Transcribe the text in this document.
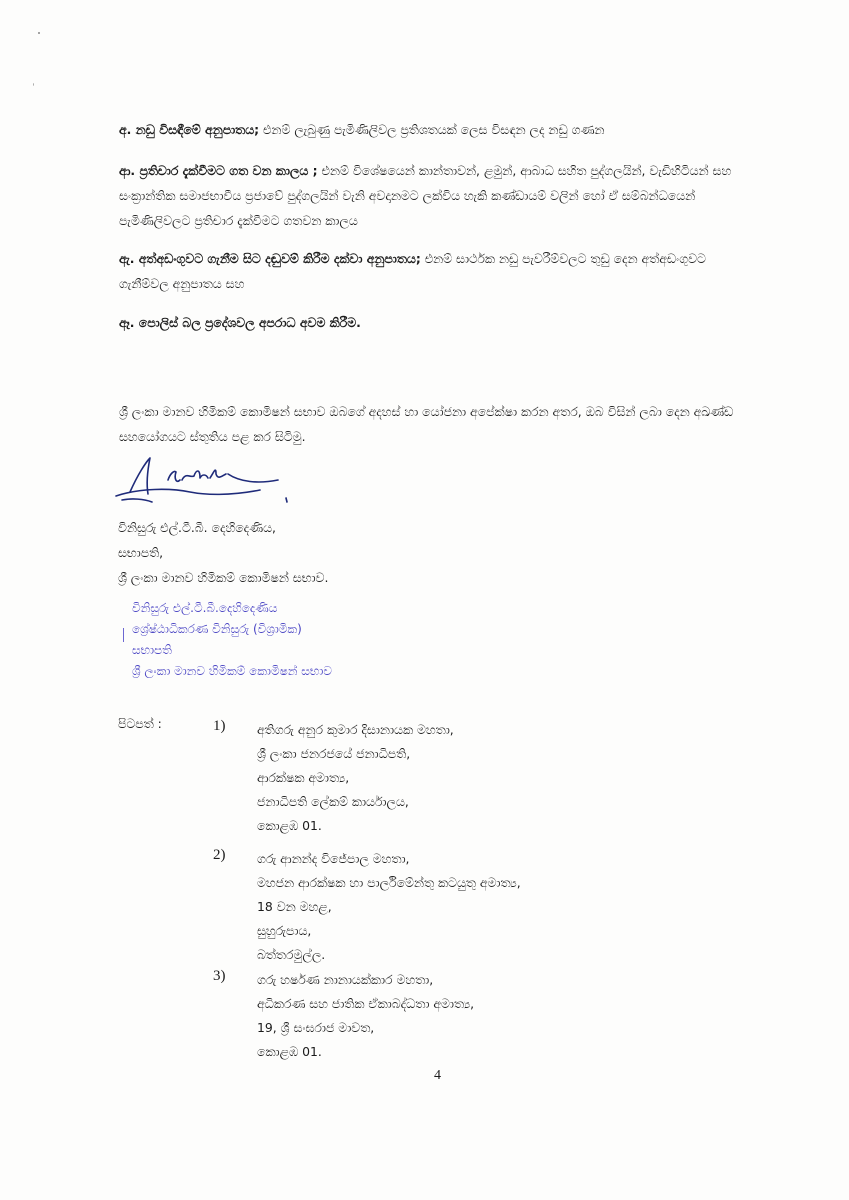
අ. නඩු විසඳීමේ අනුපාතය; එනම් ලැබුණු පැමිණිලිවල ප්‍රතිශතයක් ලෙස විසඳන ලද නඩු ගණන

ආ. ප්‍රතිචාර දැක්වීමට ගත වන කාලය ; එනම් විශේෂයෙන් කාන්තාවන්, ළමුන්, ආබාධ සහිත පුද්ගලයින්, වැඩිහිටියන් සහ සංක්‍රාන්තික සමාජභාවීය ප්‍රජාවේ පුද්ගලයින් වැනි අවදානමට ලක්විය හැකි කණ්ඩායම් වලින් හෝ ඒ සම්බන්ධයෙන් පැමිණිලිවලට ප්‍රතිචාර දැක්වීමට ගතවන කාලය

ඇ. අත්අඩංගුවට ගැනීම සිට දඬුවම් කිරීම දක්වා අනුපාතය; එනම් සාර්ථක නඩු පැවරීම්වලට තුඩු දෙන අත්අඩංගුවට ගැනීම්වල අනුපාතය සහ

ඈ. පොලිස් බල ප්‍රදේශවල අපරාධ අවම කිරීම.

ශ්‍රී ලංකා මානව හිමිකම් කොමිෂන් සභාව ඔබගේ අදහස් හා යෝජනා අපේක්ෂා කරන අතර, ඔබ විසින් ලබා දෙන අඛණ්ඩ සහයෝගයට ස්තුතිය පළ කර සිටිමු.

විනිසුරු එල්.ටී.බී. දෙහිදෙණිය,
සභාපති,
ශ්‍රී ලංකා මානව හිමිකම් කොමිෂන් සභාව.
විනිසුරු එල්.ටී.බී.දෙහිදෙණිය
ශ්‍රේෂ්ඨාධිකරණ විනිසුරු (විශ්‍රාමික)
සභාපති
ශ්‍රී ලංකා මානව හිමිකම් කොමිෂන් සභාව
පිටපත් :	1)	අතිගරු අනුර කුමාර දිසානායක මහතා,
ශ්‍රී ලංකා ජනරජයේ ජනාධිපති,
ආරක්ෂක අමාත්‍ය,
ජනාධිපති ලේකම් කාර්යාලය,
කොළඹ 01.
2)	ගරු ආනන්ද විජේපාල මහතා,
මහජන ආරක්ෂක හා පාර්ලිමේන්තු කටයුතු අමාත්‍ය,
18 වන මහළ,
සුහුරුපාය,
බත්තරමුල්ල.
3)	ගරු හර්ෂණ නානායක්කාර මහතා,
අධිකරණ සහ ජාතික ඒකාබද්ධතා අමාත්‍ය,
19, ශ්‍රී සංඝරාජ මාවත,
කොළඹ 01.
4
